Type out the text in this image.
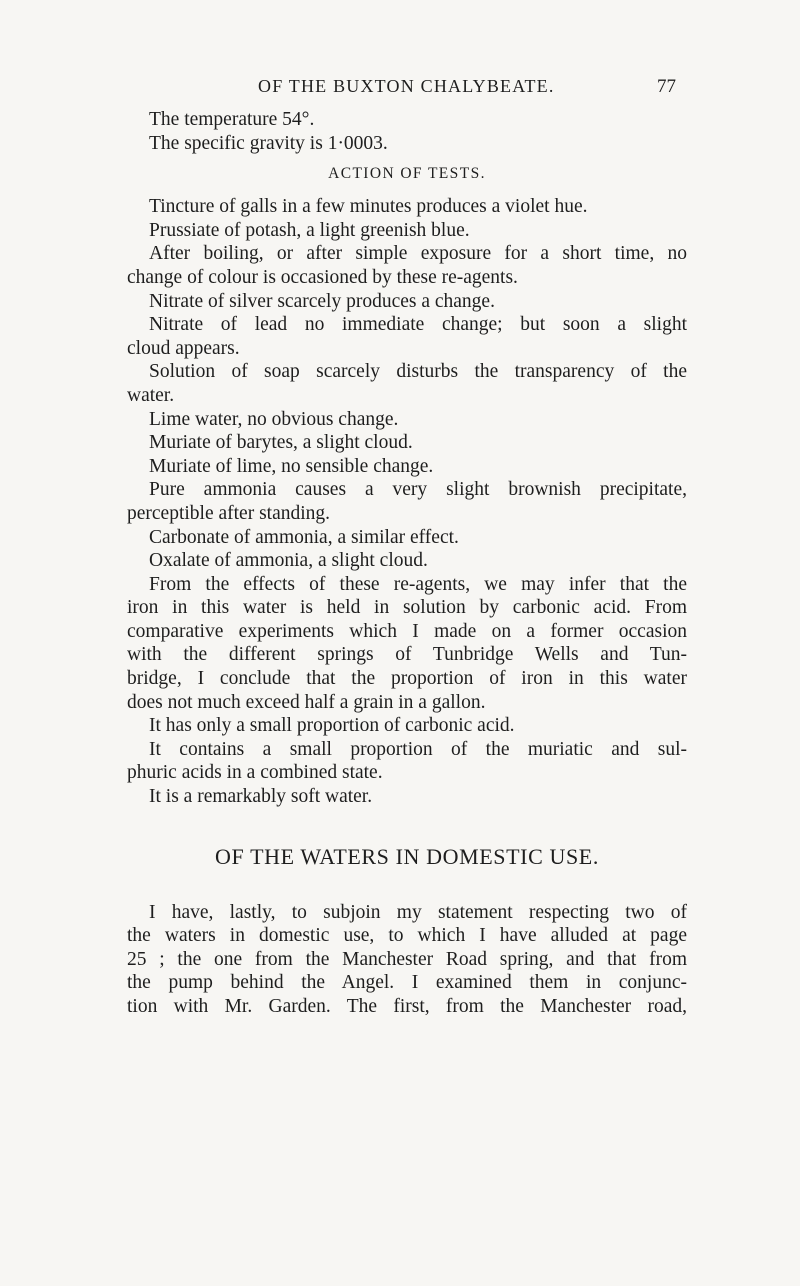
OF THE BUXTON CHALYBEATE.	77
The temperature 54°.
The specific gravity is 1·0003.
ACTION OF TESTS.
Tincture of galls in a few minutes produces a violet hue.
Prussiate of potash, a light greenish blue.
After boiling, or after simple exposure for a short time, no
change of colour is occasioned by these re-agents.
Nitrate of silver scarcely produces a change.
Nitrate of lead no immediate change; but soon a slight
cloud appears.
Solution of soap scarcely disturbs the transparency of the
water.
Lime water, no obvious change.
Muriate of barytes, a slight cloud.
Muriate of lime, no sensible change.
Pure ammonia causes a very slight brownish precipitate,
perceptible after standing.
Carbonate of ammonia, a similar effect.
Oxalate of ammonia, a slight cloud.
From the effects of these re-agents, we may infer that the
iron in this water is held in solution by carbonic acid. From
comparative experiments which I made on a former occasion
with the different springs of Tunbridge Wells and Tun-
bridge, I conclude that the proportion of iron in this water
does not much exceed half a grain in a gallon.
It has only a small proportion of carbonic acid.
It contains a small proportion of the muriatic and sul-
phuric acids in a combined state.
It is a remarkably soft water.
OF THE WATERS IN DOMESTIC USE.
I have, lastly, to subjoin my statement respecting two of
the waters in domestic use, to which I have alluded at page
25 ; the one from the Manchester Road spring, and that from
the pump behind the Angel. I examined them in conjunc-
tion with Mr. Garden. The first, from the Manchester road,
